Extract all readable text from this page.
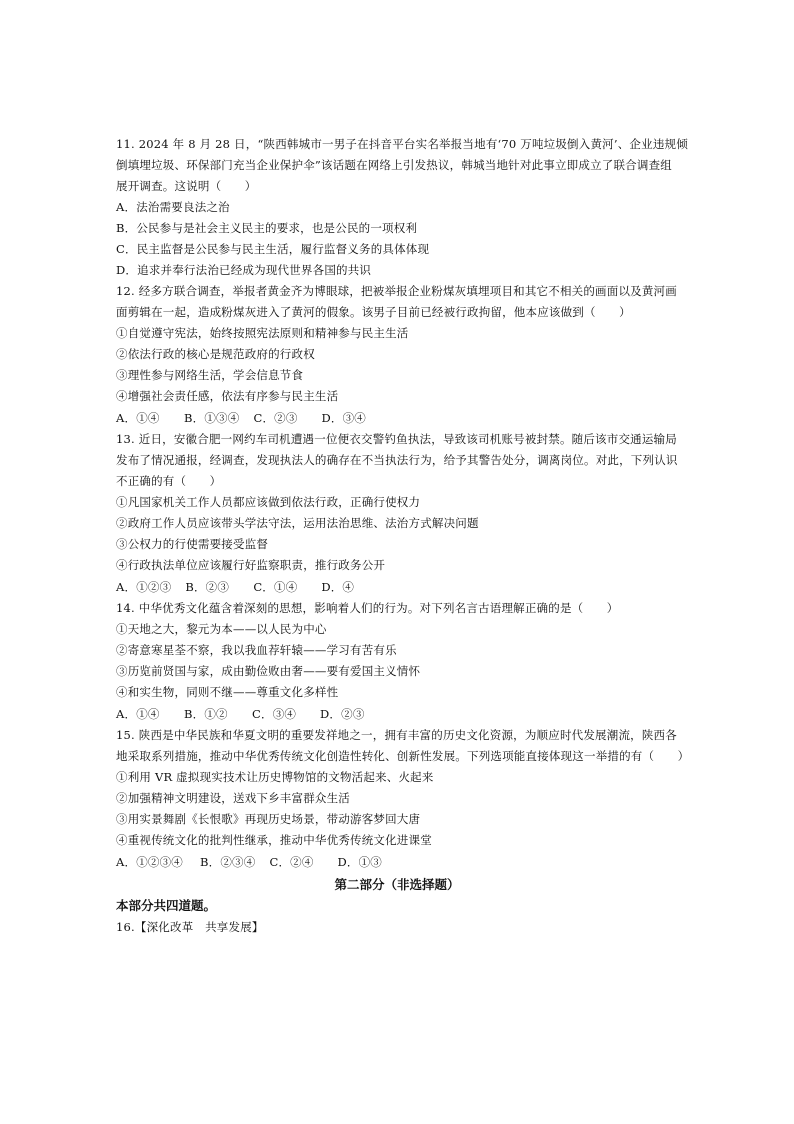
11. 2024 年 8 月 28 日，“陕西韩城市一男子在抖音平台实名举报当地有‘70 万吨垃圾倒入黄河’、企业违规倾
倒填埋垃圾、环保部门充当企业保护伞”该话题在网络上引发热议，韩城当地针对此事立即成立了联合调查组
展开调查。这说明（　　）
A．法治需要良法之治
B．公民参与是社会主义民主的要求，也是公民的一项权利
C．民主监督是公民参与民主生活，履行监督义务的具体体现
D．追求并奉行法治已经成为现代世界各国的共识
12. 经多方联合调查，举报者黄金齐为博眼球，把被举报企业粉煤灰填埋项目和其它不相关的画面以及黄河画
面剪辑在一起，造成粉煤灰进入了黄河的假象。该男子目前已经被行政拘留，他本应该做到（　　）
①自觉遵守宪法，始终按照宪法原则和精神参与民主生活
②依法行政的核心是规范政府的行政权
③理性参与网络生活，学会信息节食
④增强社会责任感，依法有序参与民主生活
A．①④ B．①③④ C．②③ D．③④
13. 近日，安徽合肥一网约车司机遭遇一位便衣交警钓鱼执法，导致该司机账号被封禁。随后该市交通运输局
发布了情况通报，经调查，发现执法人的确存在不当执法行为，给予其警告处分，调离岗位。对此，下列认识
不正确的有（　　）
①凡国家机关工作人员都应该做到依法行政，正确行使权力
②政府工作人员应该带头学法守法，运用法治思维、法治方式解决问题
③公权力的行使需要接受监督
④行政执法单位应该履行好监察职责，推行政务公开
A．①②③ B．②③ C．①④ D．④
14. 中华优秀文化蕴含着深刻的思想，影响着人们的行为。对下列名言古语理解正确的是（　　）
①天地之大，黎元为本——以人民为中心
②寄意寒星荃不察，我以我血荐轩辕——学习有苦有乐
③历览前贤国与家，成由勤俭败由奢——要有爱国主义情怀
④和实生物，同则不继——尊重文化多样性
A．①④ B．①② C．③④ D．②③
15. 陕西是中华民族和华夏文明的重要发祥地之一，拥有丰富的历史文化资源，为顺应时代发展潮流，陕西各
地采取系列措施，推动中华优秀传统文化创造性转化、创新性发展。下列选项能直接体现这一举措的有（　　）
①利用 VR 虚拟现实技术让历史博物馆的文物活起来、火起来
②加强精神文明建设，送戏下乡丰富群众生活
③用实景舞剧《长恨歌》再现历史场景，带动游客梦回大唐
④重视传统文化的批判性继承，推动中华优秀传统文化进课堂
A．①②③④ B．②③④ C．②④ D．①③
第二部分（非选择题）
本部分共四道题。
16.【深化改革　共享发展】
